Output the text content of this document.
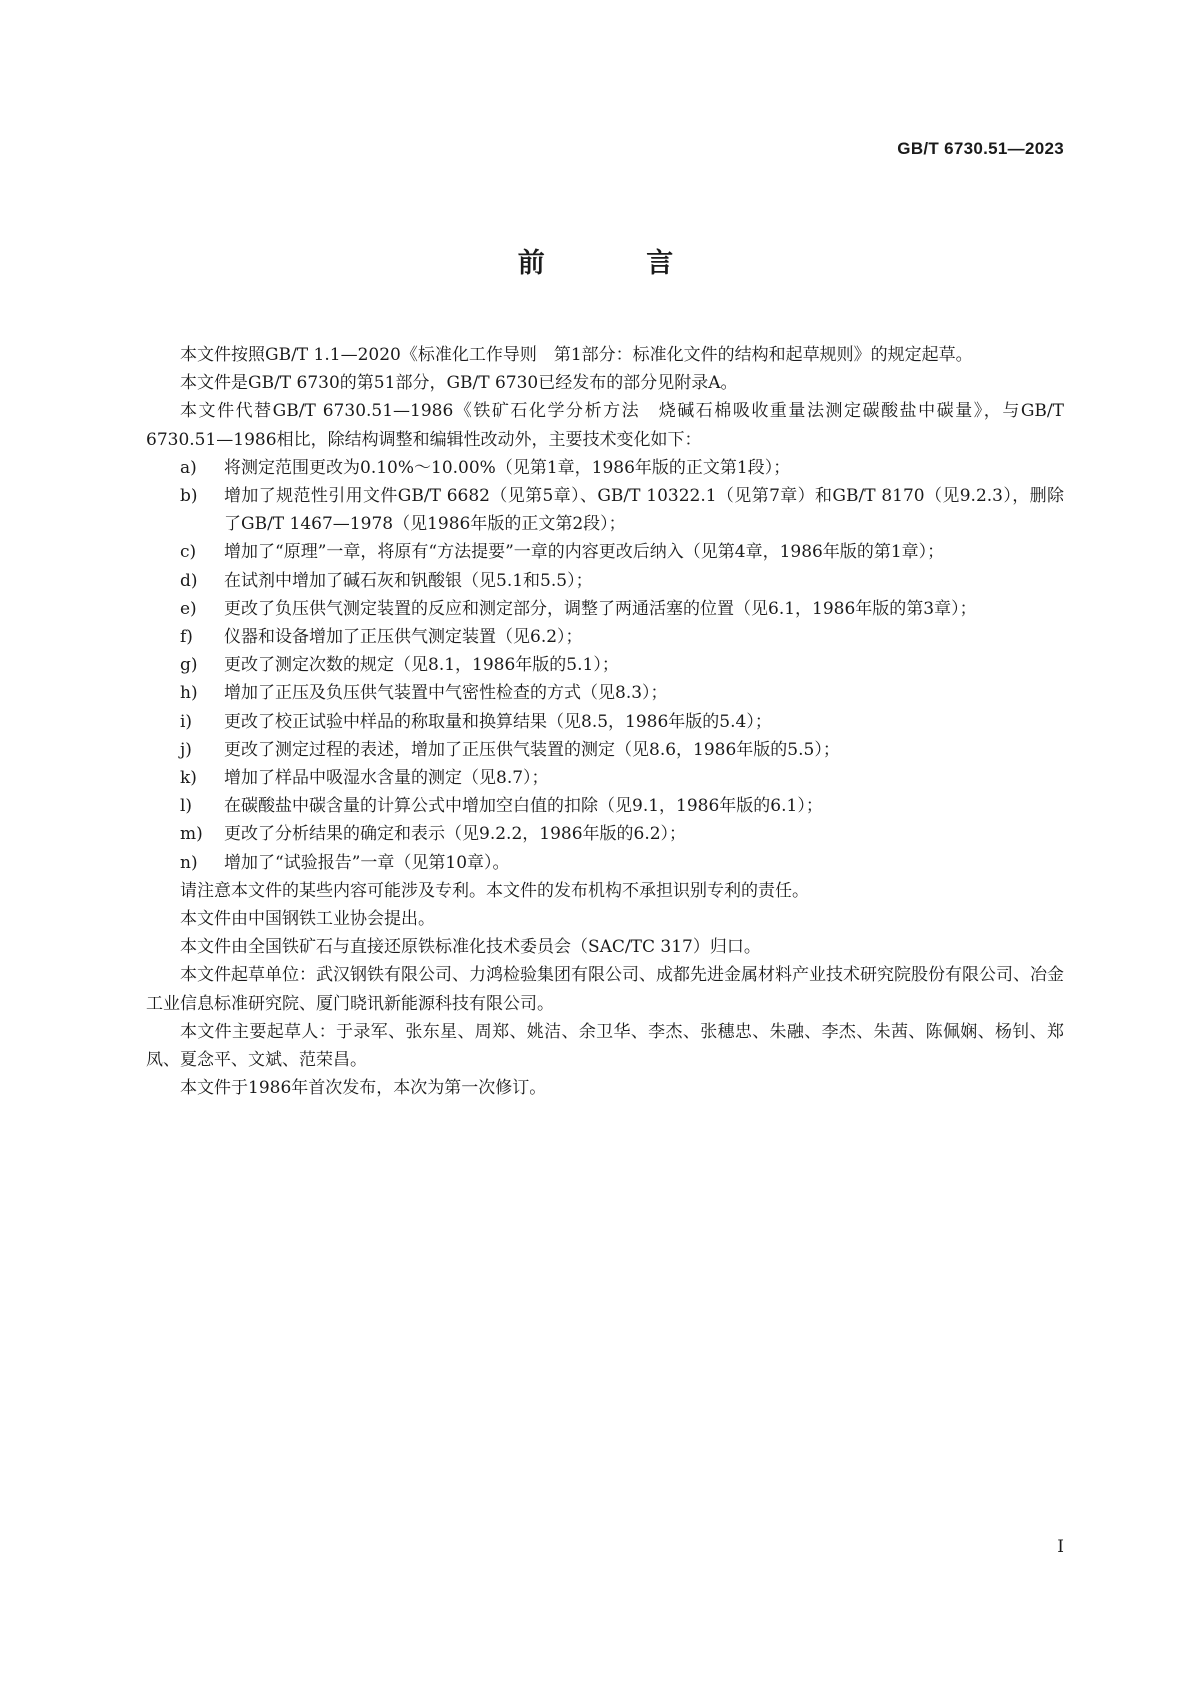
GB/T 6730.51—2023
前 言

本文件按照GB/T 1.1—2020《标准化工作导则　第1部分：标准化文件的结构和起草规则》的规定起草。

本文件是GB/T 6730的第51部分，GB/T 6730已经发布的部分见附录A。

本文件代替GB/T 6730.51—1986《铁矿石化学分析方法　烧碱石棉吸收重量法测定碳酸盐中碳量》，与GB/T 6730.51—1986相比，除结构调整和编辑性改动外，主要技术变化如下：

a)	将测定范围更改为0.10%～10.00%（见第1章，1986年版的正文第1段）；
b)	增加了规范性引用文件GB/T 6682（见第5章）、GB/T 10322.1（见第7章）和GB/T 8170（见9.2.3），删除了GB/T 1467—1978（见1986年版的正文第2段）；
c)	增加了“原理”一章，将原有“方法提要”一章的内容更改后纳入（见第4章，1986年版的第1章）；
d)	在试剂中增加了碱石灰和钒酸银（见5.1和5.5）；
e)	更改了负压供气测定装置的反应和测定部分，调整了两通活塞的位置（见6.1，1986年版的第3章）；
f)	仪器和设备增加了正压供气测定装置（见6.2）；
g)	更改了测定次数的规定（见8.1，1986年版的5.1）；
h)	增加了正压及负压供气装置中气密性检查的方式（见8.3）；
i)	更改了校正试验中样品的称取量和换算结果（见8.5，1986年版的5.4）；
j)	更改了测定过程的表述，增加了正压供气装置的测定（见8.6，1986年版的5.5）；
k)	增加了样品中吸湿水含量的测定（见8.7）；
l)	在碳酸盐中碳含量的计算公式中增加空白值的扣除（见9.1，1986年版的6.1）；
m)	更改了分析结果的确定和表示（见9.2.2，1986年版的6.2）；
n)	增加了“试验报告”一章（见第10章）。

请注意本文件的某些内容可能涉及专利。本文件的发布机构不承担识别专利的责任。

本文件由中国钢铁工业协会提出。

本文件由全国铁矿石与直接还原铁标准化技术委员会（SAC/TC 317）归口。

本文件起草单位：武汉钢铁有限公司、力鸿检验集团有限公司、成都先进金属材料产业技术研究院股份有限公司、冶金工业信息标准研究院、厦门晓讯新能源科技有限公司。

本文件主要起草人：于录军、张东星、周郑、姚洁、余卫华、李杰、张穗忠、朱融、李杰、朱茜、陈佩娴、杨钊、郑凤、夏念平、文斌、范荣昌。

本文件于1986年首次发布，本次为第一次修订。

I
